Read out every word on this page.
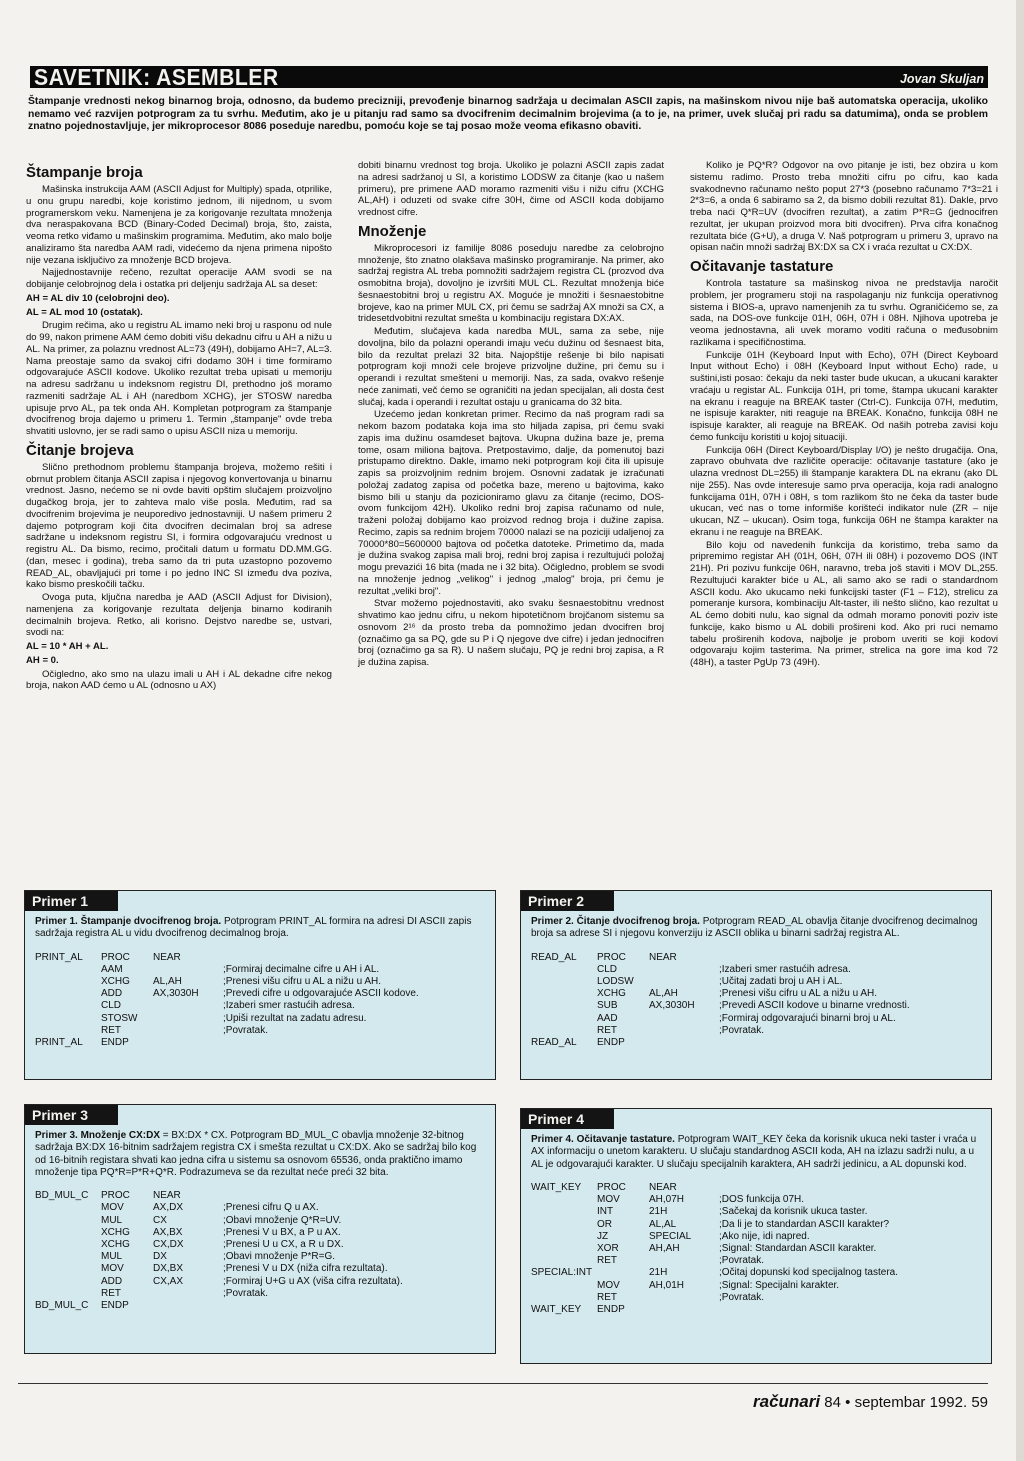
SAVETNIK: ASEMBLER	Jovan Skuljan

Štampanje vrednosti nekog binarnog broja, odnosno, da budemo precizniji, prevođenje binarnog sadržaja u decimalan ASCII zapis, na mašinskom nivou nije baš automatska operacija, ukoliko nemamo već razvijen potprogram za tu svrhu. Međutim, ako je u pitanju rad samo sa dvocifrenim decimalnim brojevima (a to je, na primer, uvek slučaj pri radu sa datumima), onda se problem znatno pojednostavljuje, jer mikroprocesor 8086 poseduje naredbu, pomoću koje se taj posao može veoma efikasno obaviti.

Štampanje broja

Mašinska instrukcija AAM (ASCII Adjust for Multiply) spada, otprilike, u onu grupu naredbi, koje koristimo jednom, ili nijednom, u svom programerskom veku. Namenjena je za korigovanje rezultata množenja dva neraspakovana BCD (Binary-Coded Decimal) broja, što, zaista, veoma retko viđamo u mašinskim programima. Međutim, ako malo bolje analiziramo šta naredba AAM radi, videćemo da njena primena nipošto nije vezana isključivo za množenje BCD brojeva.

Najjednostavnije rečeno, rezultat operacije AAM svodi se na dobijanje celobrojnog dela i ostatka pri deljenju sadržaja AL sa deset:

AH = AL div 10 (celobrojni deo).

AL = AL mod 10 (ostatak).

Drugim rečima, ako u registru AL imamo neki broj u rasponu od nule do 99, nakon primene AAM ćemo dobiti višu dekadnu cifru u AH a nižu u AL. Na primer, za polaznu vrednost AL=73 (49H), dobijamo AH=7, AL=3. Nama preostaje samo da svakoj cifri dodamo 30H i time formiramo odgovarajuće ASCII kodove. Ukoliko rezultat treba upisati u memoriju na adresu sadržanu u indeksnom registru DI, prethodno još moramo razmeniti sadržaje AL i AH (naredbom XCHG), jer STOSW naredba upisuje prvo AL, pa tek onda AH. Kompletan potprogram za štampanje dvocifrenog broja dajemo u primeru 1. Termin „štampanje" ovde treba shvatiti uslovno, jer se radi samo o upisu ASCII niza u memoriju.

Čitanje brojeva

Slično prethodnom problemu štampanja brojeva, možemo rešiti i obrnut problem čitanja ASCII zapisa i njegovog konvertovanja u binarnu vrednost. Jasno, nećemo se ni ovde baviti opštim slučajem proizvoljno dugačkog broja, jer to zahteva malo više posla. Međutim, rad sa dvocifrenim brojevima je neuporedivo jednostavniji. U našem primeru 2 dajemo potprogram koji čita dvocifren decimalan broj sa adrese sadržane u indeksnom registru SI, i formira odgovarajuću vrednost u registru AL. Da bismo, recimo, pročitali datum u formatu DD.MM.GG. (dan, mesec i godina), treba samo da tri puta uzastopno pozovemo READ_AL, obavljajući pri tome i po jedno INC SI između dva poziva, kako bismo preskočili tačku.

Ovoga puta, ključna naredba je AAD (ASCII Adjust for Division), namenjena za korigovanje rezultata deljenja binarno kodiranih decimalnih brojeva. Retko, ali korisno. Dejstvo naredbe se, ustvari, svodi na:

AL = 10 * AH + AL.

AH = 0.

Očigledno, ako smo na ulazu imali u AH i AL dekadne cifre nekog broja, nakon AAD ćemo u AL (odnosno u AX)

dobiti binarnu vrednost tog broja. Ukoliko je polazni ASCII zapis zadat na adresi sadržanoj u SI, a koristimo LODSW za čitanje (kao u našem primeru), pre primene AAD moramo razmeniti višu i nižu cifru (XCHG AL,AH) i oduzeti od svake cifre 30H, čime od ASCII koda dobijamo vrednost cifre.

Množenje

Mikroprocesori iz familije 8086 poseduju naredbe za celobrojno množenje, što znatno olakšava mašinsko programiranje. Na primer, ako sadržaj registra AL treba pomnožiti sadržajem registra CL (prozvod dva osmobitna broja), dovoljno je izvršiti MUL CL. Rezultat množenja biće šesnaestobitni broj u registru AX. Moguće je množiti i šesnaestobitne brojeve, kao na primer MUL CX, pri čemu se sadržaj AX množi sa CX, a tridesetdvobitni rezultat smešta u kombinaciju registara DX:AX.

Međutim, slučajeva kada naredba MUL, sama za sebe, nije dovoljna, bilo da polazni operandi imaju veću dužinu od šesnaest bita, bilo da rezultat prelazi 32 bita. Najopštije rešenje bi bilo napisati potprogram koji množi cele brojeve prizvoljne dužine, pri čemu su i operandi i rezultat smešteni u memoriji. Nas, za sada, ovakvo rešenje neće zanimati, več ćemo se ograničiti na jedan specijalan, ali dosta čest slučaj, kada i operandi i rezultat ostaju u granicama do 32 bita.

Uzećemo jedan konkretan primer. Recimo da naš program radi sa nekom bazom podataka koja ima sto hiljada zapisa, pri čemu svaki zapis ima dužinu osamdeset bajtova. Ukupna dužina baze je, prema tome, osam miliona bajtova. Pretpostavimo, dalje, da pomenutoj bazi pristupamo direktno. Dakle, imamo neki potprogram koji čita ili upisuje zapis sa proizvoljnim rednim brojem. Osnovni zadatak je izračunati položaj zadatog zapisa od početka baze, mereno u bajtovima, kako bismo bili u stanju da pozicioniramo glavu za čitanje (recimo, DOS-ovom funkcijom 42H). Ukoliko redni broj zapisa računamo od nule, traženi položaj dobijamo kao proizvod rednog broja i dužine zapisa. Recimo, zapis sa rednim brojem 70000 nalazi se na poziciji udaljenoj za 70000*80=5600000 bajtova od početka datoteke. Primetimo da, mada je dužina svakog zapisa mali broj, redni broj zapisa i rezultujući položaj mogu prevazići 16 bita (mada ne i 32 bita). Očigledno, problem se svodi na množenje jednog „velikog" i jednog „malog" broja, pri čemu je rezultat „veliki broj".

Stvar možemo pojednostaviti, ako svaku šesnaestobitnu vrednost shvatimo kao jednu cifru, u nekom hipotetičnom brojčanom sistemu sa osnovom 2¹⁶ da prosto treba da pomnožimo jedan dvocifren broj (označimo ga sa PQ, gde su P i Q njegove dve cifre) i jedan jednocifren broj (označimo ga sa R). U našem slučaju, PQ je redni broj zapisa, a R je dužina zapisa.

Koliko je PQ*R? Odgovor na ovo pitanje je isti, bez obzira u kom sistemu radimo. Prosto treba množiti cifru po cifru, kao kada svakodnevno računamo nešto poput 27*3 (posebno računamo 7*3=21 i 2*3=6, a onda 6 sabiramo sa 2, da bismo dobili rezultat 81). Dakle, prvo treba naći Q*R=UV (dvocifren rezultat), a zatim P*R=G (jednocifren rezultat, jer ukupan proizvod mora biti dvocifren). Prva cifra konačnog rezultata biće (G+U), a druga V. Naš potprogram u primeru 3, upravo na opisan način množi sadržaj BX:DX sa CX i vraća rezultat u CX:DX.

Očitavanje tastature

Kontrola tastature sa mašinskog nivoa ne predstavlja naročit problem, jer programeru stoji na raspolaganju niz funkcija operativnog sistema i BIOS-a, upravo namenjenih za tu svrhu. Ograničićemo se, za sada, na DOS-ove funkcije 01H, 06H, 07H i 08H. Njihova upotreba je veoma jednostavna, ali uvek moramo voditi računa o međusobnim razlikama i specifičnostima.

Funkcije 01H (Keyboard Input with Echo), 07H (Direct Keyboard Input without Echo) i 08H (Keyboard Input without Echo) rade, u suštini,isti posao: čekaju da neki taster bude ukucan, a ukucani karakter vraćaju u registar AL. Funkcija 01H, pri tome, štampa ukucani karakter na ekranu i reaguje na BREAK taster (Ctrl-C). Funkcija 07H, međutim, ne ispisuje karakter, niti reaguje na BREAK. Konačno, funkcija 08H ne ispisuje karakter, ali reaguje na BREAK. Od naših potreba zavisi koju ćemo funkciju koristiti u kojoj situaciji.

Funkcija 06H (Direct Keyboard/Display I/O) je nešto drugačija. Ona, zapravo obuhvata dve različite operacije: očitavanje tastature (ako je ulazna vrednost DL=255) ili štampanje karaktera DL na ekranu (ako DL nije 255). Nas ovde interesuje samo prva operacija, koja radi analogno funkcijama 01H, 07H i 08H, s tom razlikom što ne čeka da taster bude ukucan, već nas o tome informiše korišteći indikator nule (ZR – nije ukucan, NZ – ukucan). Osim toga, funkcija 06H ne štampa karakter na ekranu i ne reaguje na BREAK.

Bilo koju od navedenih funkcija da koristimo, treba samo da pripremimo registar AH (01H, 06H, 07H ili 08H) i pozovemo DOS (INT 21H). Pri pozivu funkcije 06H, naravno, treba još staviti i MOV DL,255. Rezultujući karakter biće u AL, ali samo ako se radi o standardnom ASCII kodu. Ako ukucamo neki funkcijski taster (F1 – F12), strelicu za pomeranje kursora, kombinaciju Alt-taster, ili nešto slično, kao rezultat u AL ćemo dobiti nulu, kao signal da odmah moramo ponoviti poziv iste funkcije, kako bismo u AL dobili prošireni kod. Ako pri ruci nemamo tabelu proširenih kodova, najbolje je probom uveriti se koji kodovi odgovaraju kojim tasterima. Na primer, strelica na gore ima kod 72 (48H), a taster PgUp 73 (49H).

Primer 1

Primer 1. Štampanje dvocifrenog broja. Potprogram PRINT_AL formira na adresi DI ASCII zapis sadržaja registra AL u vidu dvocifrenog decimalnog broja.

PRINT_AL	PROC	NEAR	
	AAM		;Formiraj decimalne cifre u AH i AL.
	XCHG	AL,AH	;Prenesi višu cifru u AL a nižu u AH.
	ADD	AX,3030H	;Prevedi cifre u odgovarajuće ASCII kodove.
	CLD		;Izaberi smer rastućih adresa.
	STOSW		;Upiši rezultat na zadatu adresu.
	RET		;Povratak.
PRINT_AL	ENDP		
Primer 2

Primer 2. Čitanje dvocifrenog broja. Potprogram READ_AL obavlja čitanje dvocifrenog decimalnog broja sa adrese SI i njegovu konverziju iz ASCII oblika u binarni sadržaj registra AL.

READ_AL	PROC	NEAR	
	CLD		;Izaberi smer rastućih adresa.
	LODSW		;Učitaj zadati broj u AH i AL.
	XCHG	AL,AH	;Prenesi višu cifru u AL a nižu u AH.
	SUB	AX,3030H	;Prevedi ASCII kodove u binarne vrednosti.
	AAD		;Formiraj odgovarajući binarni broj u AL.
	RET		;Povratak.
READ_AL	ENDP		
Primer 3

Primer 3. Množenje CX:DX = BX:DX * CX. Potprogram BD_MUL_C obavlja množenje 32-bitnog sadržaja BX:DX 16-bitnim sadržajem registra CX i smešta rezultat u CX:DX. Ako se sadržaj bilo kog od 16-bitnih registara shvati kao jedna cifra u sistemu sa osnovom 65536, onda praktično imamo množenje tipa PQ*R=P*R+Q*R. Podrazumeva se da rezultat neće preći 32 bita.

BD_MUL_C	PROC	NEAR	
	MOV	AX,DX	;Prenesi cifru Q u AX.
	MUL	CX	;Obavi množenje Q*R=UV.
	XCHG	AX,BX	;Prenesi V u BX, a P u AX.
	XCHG	CX,DX	;Prenesi U u CX, a R u DX.
	MUL	DX	;Obavi množenje P*R=G.
	MOV	DX,BX	;Prenesi V u DX (niža cifra rezultata).
	ADD	CX,AX	;Formiraj U+G u AX (viša cifra rezultata).
	RET		;Povratak.
BD_MUL_C	ENDP		
Primer 4

Primer 4. Očitavanje tastature. Potprogram WAIT_KEY čeka da korisnik ukuca neki taster i vraća u AX informaciju o unetom karakteru. U slučaju standardnog ASCII koda, AH na izlazu sadrži nulu, a u AL je odgovarajući karakter. U slučaju specijalnih karaktera, AH sadrži jedinicu, a AL dopunski kod.

WAIT_KEY	PROC	NEAR	
	MOV	AH,07H	;DOS funkcija 07H.
	INT	21H	;Sačekaj da korisnik ukuca taster.
	OR	AL,AL	;Da li je to standardan ASCII karakter?
	JZ	SPECIAL	;Ako nije, idi napred.
	XOR	AH,AH	;Signal: Standardan ASCII karakter.
	RET		;Povratak.
SPECIAL:INT		21H	;Očitaj dopunski kod specijalnog tastera.
	MOV	AH,01H	;Signal: Specijalni karakter.
	RET		;Povratak.
WAIT_KEY	ENDP		
računari 84 • septembar 1992. 59
